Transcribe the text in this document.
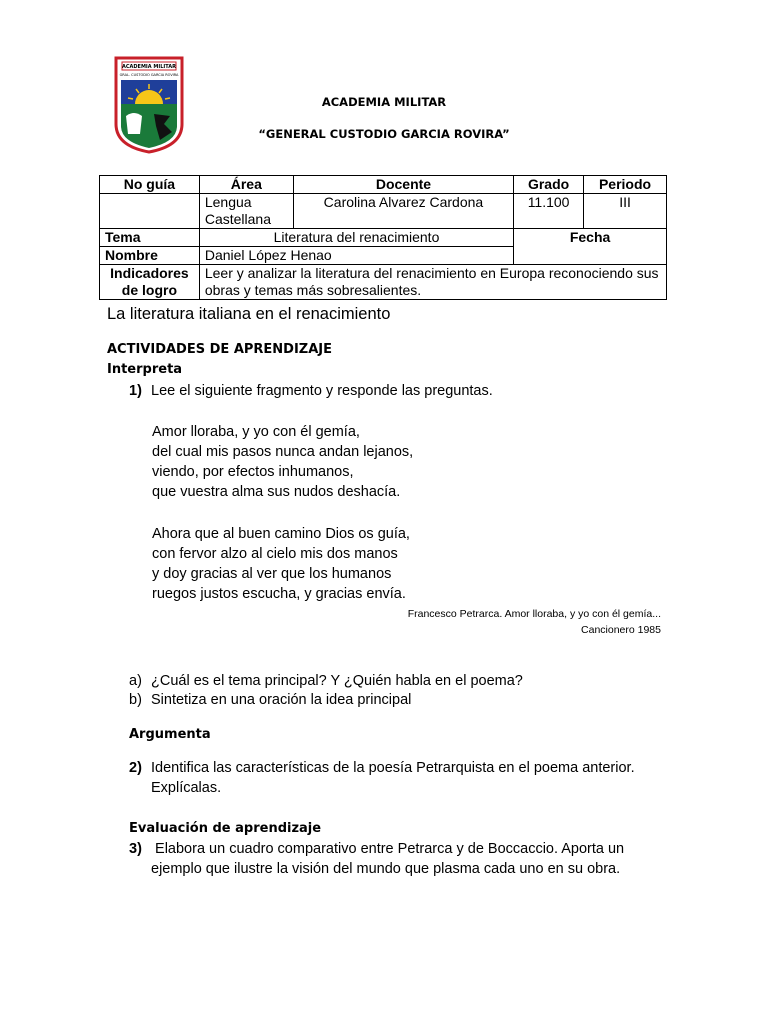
ACADEMIA MILITAR
GRAL. CUSTODIO GARCIA ROVIRA
ACADEMIA MILITAR
“GENERAL CUSTODIO GARCIA ROVIRA”
No guía	Área	Docente	Grado	Periodo
	Lengua Castellana	Carolina Alvarez Cardona	11.100	III
Tema	Literatura del renacimiento		Fecha	
Nombre	Daniel López Henao			
Indicadores de logro	Leer y analizar la literatura del renacimiento en Europa reconociendo sus obras y temas más sobresalientes.			
La literatura italiana en el renacimiento
ACTIVIDADES DE APRENDIZAJE
Interpreta
1) Lee el siguiente fragmento y responde las preguntas.
Amor lloraba, y yo con él gemía,
del cual mis pasos nunca andan lejanos,
viendo, por efectos inhumanos,
que vuestra alma sus nudos deshacía.
Ahora que al buen camino Dios os guía,
con fervor alzo al cielo mis dos manos
y doy gracias al ver que los humanos
ruegos justos escucha, y gracias envía.
Francesco Petrarca. Amor lloraba, y yo con él gemía...
Cancionero 1985
a) ¿Cuál es el tema principal? Y ¿Quién habla en el poema?
b) Sintetiza en una oración la idea principal
Argumenta
2) Identifica las características de la poesía Petrarquista en el poema anterior.
Explícalas.
Evaluación de aprendizaje
3) Elabora un cuadro comparativo entre Petrarca y de Boccaccio. Aporta un
ejemplo que ilustre la visión del mundo que plasma cada uno en su obra.
